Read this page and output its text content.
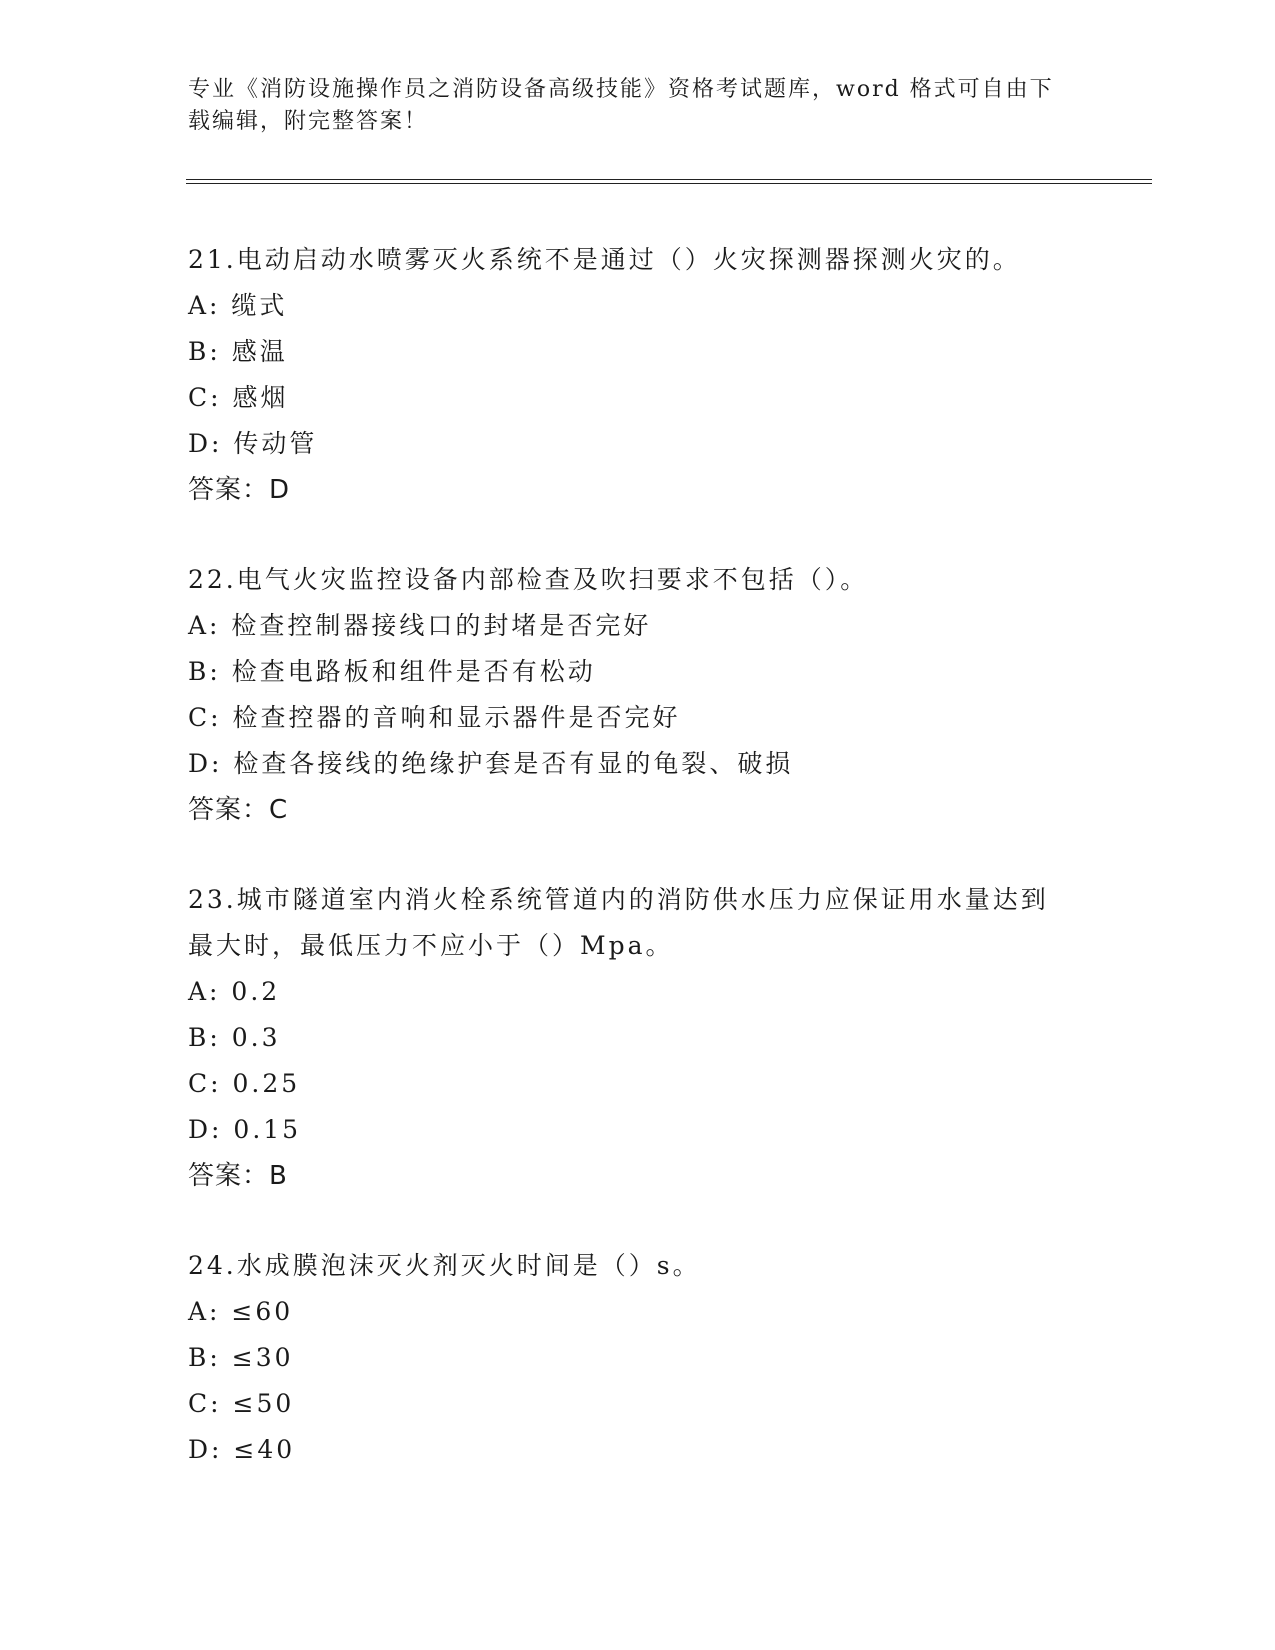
专业《消防设施操作员之消防设备高级技能》资格考试题库，word 格式可自由下
载编辑，附完整答案！

21.电动启动水喷雾灭火系统不是通过（）火灾探测器探测火灾的。

A: 缆式

B: 感温

C: 感烟

D: 传动管

答案：D

22.电气火灾监控设备内部检查及吹扫要求不包括（）。

A: 检查控制器接线口的封堵是否完好

B: 检查电路板和组件是否有松动

C: 检查控器的音响和显示器件是否完好

D: 检查各接线的绝缘护套是否有显的龟裂、破损

答案：C

23.城市隧道室内消火栓系统管道内的消防供水压力应保证用水量达到

最大时，最低压力不应小于（）Mpa。

A: 0.2

B: 0.3

C: 0.25

D: 0.15

答案：B

24.水成膜泡沫灭火剂灭火时间是（）s。

A: ≤60

B: ≤30

C: ≤50

D: ≤40
